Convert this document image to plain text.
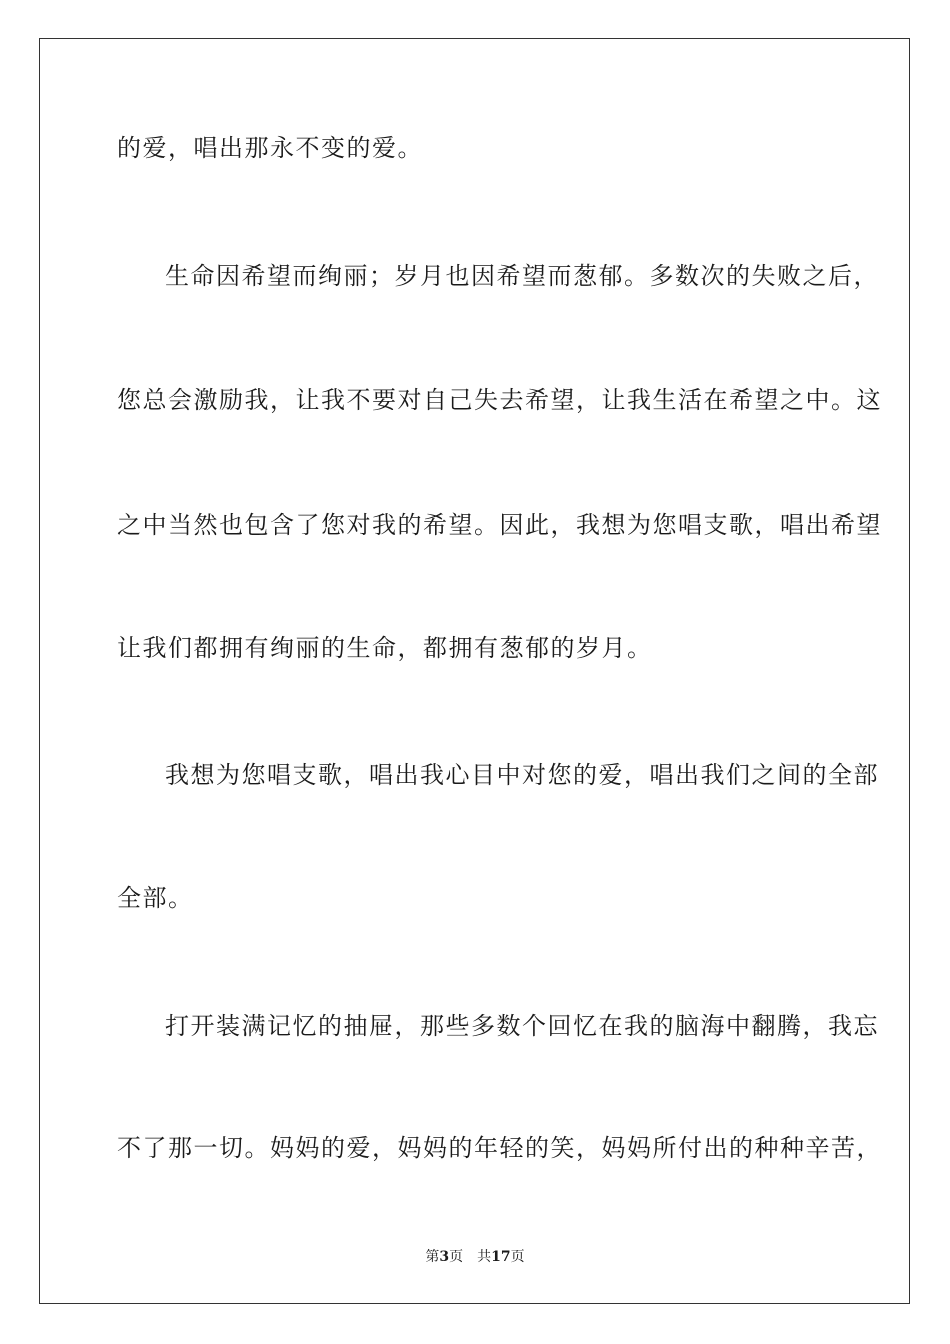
的爱，唱出那永不变的爱。
生命因希望而绚丽；岁月也因希望而葱郁。多数次的失败之后，
您总会激励我，让我不要对自己失去希望，让我生活在希望之中。这
之中当然也包含了您对我的希望。因此，我想为您唱支歌，唱出希望
让我们都拥有绚丽的生命，都拥有葱郁的岁月。
我想为您唱支歌，唱出我心目中对您的爱，唱出我们之间的全部
全部。
打开装满记忆的抽屉，那些多数个回忆在我的脑海中翻腾，我忘
不了那一切。妈妈的爱，妈妈的年轻的笑，妈妈所付出的种种辛苦，
第3页 共17页
